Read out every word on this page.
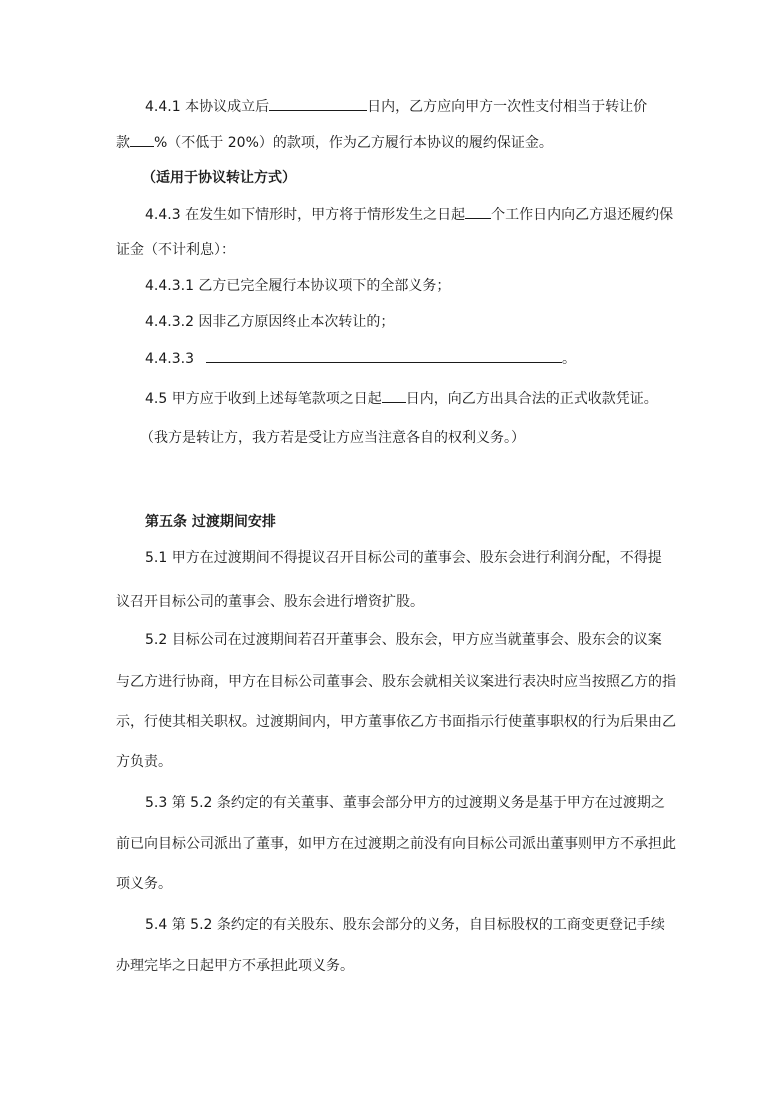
4.4.1 本协议成立后	日内，乙方应向甲方一次性支付相当于转让价
款 %（不低于 20%）的款项，作为乙方履行本协议的履约保证金。
（适用于协议转让方式）
4.4.3 在发生如下情形时，甲方将于情形发生之日起 个工作日内向乙方退还履约保
证金（不计利息）：
4.4.3.1 乙方已完全履行本协议项下的全部义务；
4.4.3.2 因非乙方原因终止本次转让的；
4.4.3.3	。
4.5 甲方应于收到上述每笔款项之日起 日内，向乙方出具合法的正式收款凭证。
（我方是转让方，我方若是受让方应当注意各自的权利义务。）
第五条 过渡期间安排
5.1 甲方在过渡期间不得提议召开目标公司的董事会、股东会进行利润分配，不得提
议召开目标公司的董事会、股东会进行增资扩股。
5.2 目标公司在过渡期间若召开董事会、股东会，甲方应当就董事会、股东会的议案
与乙方进行协商，甲方在目标公司董事会、股东会就相关议案进行表决时应当按照乙方的指
示，行使其相关职权。过渡期间内，甲方董事依乙方书面指示行使董事职权的行为后果由乙
方负责。
5.3 第 5.2 条约定的有关董事、董事会部分甲方的过渡期义务是基于甲方在过渡期之
前已向目标公司派出了董事，如甲方在过渡期之前没有向目标公司派出董事则甲方不承担此
项义务。
5.4 第 5.2 条约定的有关股东、股东会部分的义务，自目标股权的工商变更登记手续
办理完毕之日起甲方不承担此项义务。
